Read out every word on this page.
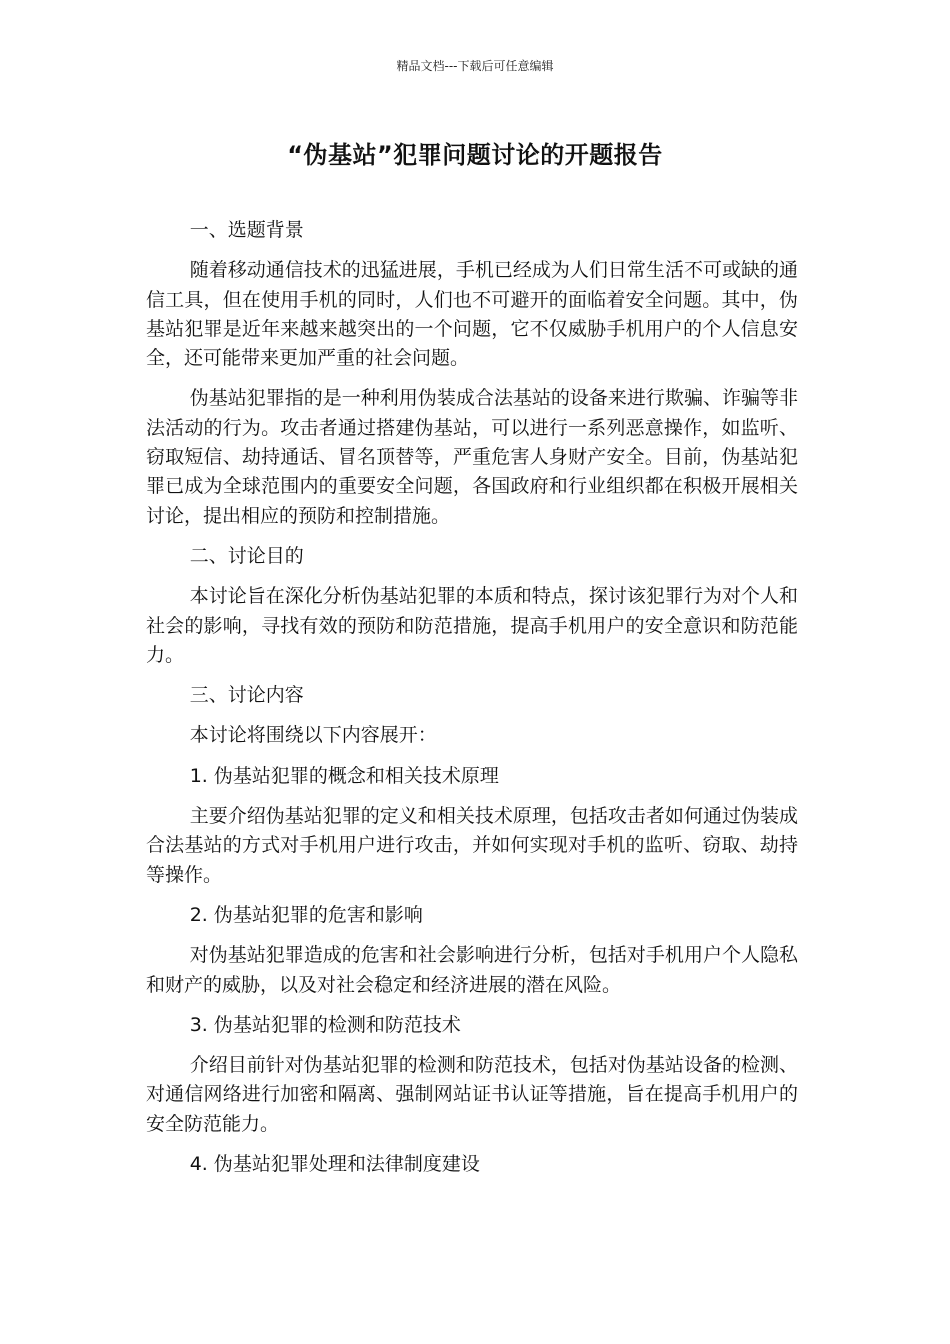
精品文档---下载后可任意编辑
“伪基站”犯罪问题讨论的开题报告

一、选题背景

随着移动通信技术的迅猛进展，手机已经成为人们日常生活不可或缺的通信工具，但在使用手机的同时，人们也不可避开的面临着安全问题。其中，伪基站犯罪是近年来越来越突出的一个问题，它不仅威胁手机用户的个人信息安全，还可能带来更加严重的社会问题。

伪基站犯罪指的是一种利用伪装成合法基站的设备来进行欺骗、诈骗等非法活动的行为。攻击者通过搭建伪基站，可以进行一系列恶意操作，如监听、窃取短信、劫持通话、冒名顶替等，严重危害人身财产安全。目前，伪基站犯罪已成为全球范围内的重要安全问题，各国政府和行业组织都在积极开展相关讨论，提出相应的预防和控制措施。

二、讨论目的

本讨论旨在深化分析伪基站犯罪的本质和特点，探讨该犯罪行为对个人和社会的影响，寻找有效的预防和防范措施，提高手机用户的安全意识和防范能力。

三、讨论内容

本讨论将围绕以下内容展开：

1. 伪基站犯罪的概念和相关技术原理

主要介绍伪基站犯罪的定义和相关技术原理，包括攻击者如何通过伪装成合法基站的方式对手机用户进行攻击，并如何实现对手机的监听、窃取、劫持等操作。

2. 伪基站犯罪的危害和影响

对伪基站犯罪造成的危害和社会影响进行分析，包括对手机用户个人隐私和财产的威胁，以及对社会稳定和经济进展的潜在风险。

3. 伪基站犯罪的检测和防范技术

介绍目前针对伪基站犯罪的检测和防范技术，包括对伪基站设备的检测、对通信网络进行加密和隔离、强制网站证书认证等措施，旨在提高手机用户的安全防范能力。

4. 伪基站犯罪处理和法律制度建设
